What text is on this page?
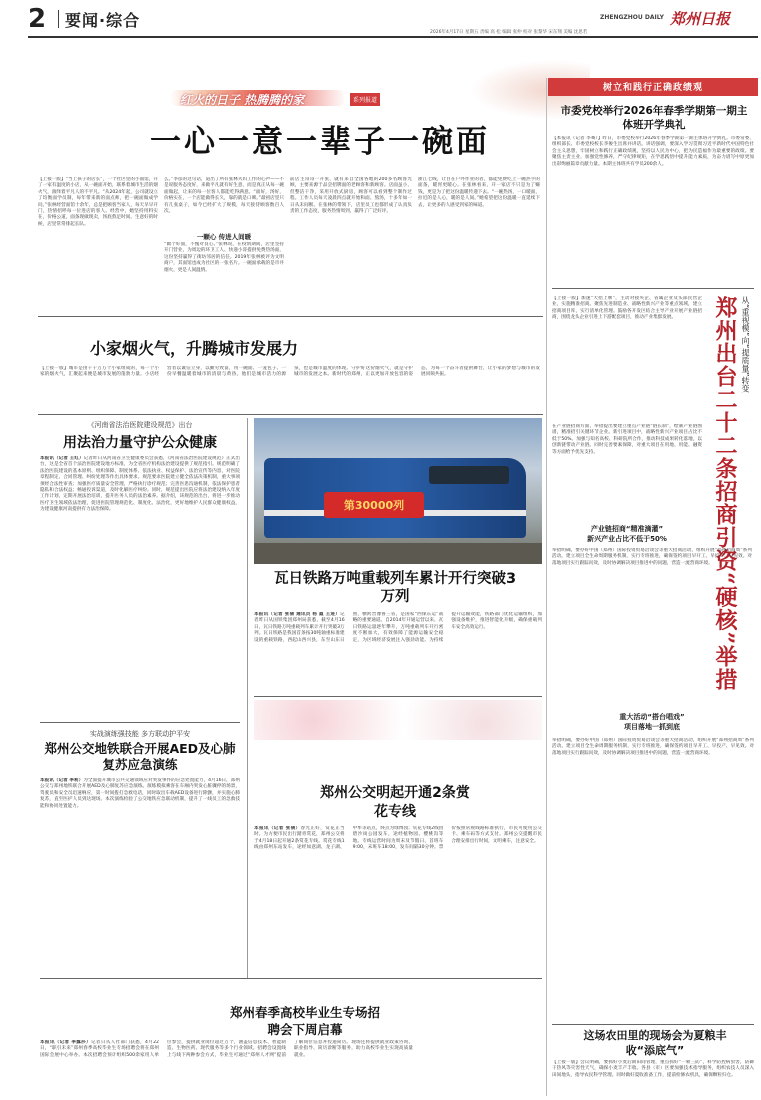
2 要闻·综合	ZHENGZHOU DAILY 郑州日报
2026年4月17日 星期五 责编 高 松 编辑 张仲 校对 张黎华 宋东翔 美编 沈思若
红火的日子 热腾腾的家	系列报道
一心一意一辈子一碗面
【上接一版】“当上孩子的店长”，一个社区里的小面馆，开了一家有温度的小店，从一碗面开始，联系着城市生活的烟火气，演绎着平凡人的不平凡。“从2024年起，公司就设立了均衡面学员制，每年带来新的面点师，把一碗面做成学问。”张林经营面馆十余年，总是把顾客当家人，每天早早开门，热情招呼每一位进店的客人。经营中，她坚持用料实在，价格公道，面条现做现卖，汤底熬足时间。生意好的时候，店里常常排起长队。
么。”李彦的这句话，道出了所有张林夫妇工作的心声——不是说服务态度好，来做平凡就有好生意，而是真正从每一碗面做起，让来的每一位客人都能吃得满意。“面好，汤好，价格实在，一个店能做得长久，靠的就是口碑。”最初店里只有几张桌子，如今已经扩大了规模，每天接待顾客数百人次。
一颗心 传进人间暖
“做个好面，不愧对良心。”张林说，在疫情期间，店里坚持开门营业，为周边的环卫工人、快递小哥提供免费热汤面，这份坚持赢得了街坊邻居的信任。2019年张林被评为文明商户，其面馆也成为社区的一张名片。一碗面承载的是市井烟火，更是人间温情。
前店主哥哥一开张，就有来自全国各地的200多名顾客光顾，主要来源于品尝招牌面的老顾客和新顾客。店面虽小，但整洁干净，采用开放式厨房，顾客可以看到整个制作过程。工作人员每天凌晨四点就开始和面、熬汤，十多年如一日从未间断。在张林的带领下，店里员工也都形成了认真负责的工作态度，服务热情周到，赢得了广泛好评。
浙江七线，让目在户外作业的者，都能免费吃上一碗热乎的面条，暖胃更暖心。在张林看来，开一家店不只是为了赚钱，更是为了把这份温暖传递下去。“一碗热汤，一口暖面，拉近的是人心，暖的是人间。”她希望把这份温暖一直延续下去，让更多的人感受到家的味道。
小家烟火气，升腾城市发展力
【上接一版】城市是由千千万万个小家组成的，每一个小家的烟火气，汇聚起来便是城市发展的蓬勃力量。小店经营者以诚信立身，以勤劳致富，用一碗面、一笼包子、一份早餐温暖着城市的清晨与黄昏。他们是城市活力的源泉，也是城市温度的体现。守护好这份烟火气，就是守护城市的发展之本。新时代的郑州，正以更加开放包容的姿态，为每一个奋斗者提供舞台，让小家的梦想与城市的发展同频共振。
《河南省法治医院建设规范》出台
用法治力量守护公众健康
本报讯（记者 王红）记者昨日从河南省卫生健康委员会获悉，《河南省法治医院建设规范》正式出台，这是全省首个法治医院建设地方标准，为全省医疗机构法治建设提供了规范指引。规范明确了法治医院建设的基本原则、组织保障、制度体系、依法执业、权益保护、法治宣传等内容，对医院章程制定、合同管理、纠纷处理等作出具体要求。规范要求医院建立健全依法决策机制，重大事项须经合法性审查；加强医疗质量安全管理，严格执行诊疗规范；完善医患沟通机制，依法保护患者隐私和合法权益；畅通投诉渠道，及时化解医疗纠纷。同时，规范提出医院应将法治建设纳入年度工作计划，定期开展法治培训，提升医务人员的法治素养。据介绍，该规范的出台，将进一步推动医疗卫生领域依法治理，促进医院管理规范化、制度化、法治化，更好地维护人民群众健康权益，为建设健康河南提供有力法治保障。
实战演练强技能 多方联动护平安
郑州公交地铁联合开展AED及心肺复苏应急演练
本报讯（记者 李莉）为全面提升城市公共交通领域应对突发事件的应急处置能力，4月16日，郑州公交与郑州地铁联合开展AED及心肺复苏应急演练。演练模拟乘客在车厢内突发心脏骤停的场景，驾驶员和安全员迅速响应，第一时间拨打急救电话，同时取出车载AED设备进行除颤，并实施心肺复苏，直至医护人员到达现场。本次演练检验了公交地铁应急联动机制，提升了一线员工的急救技能和协同处置能力。
第30000列
瓦日铁路万吨重载列车累计开行突破3万列
本报讯（记者 张倩 通讯员 杨 霞 王进）记者昨日从国铁集团郑州局获悉，截至4月16日，瓦日铁路万吨重载列车累计开行突破3万列。瓦日铁路是我国首条按30吨轴重标准建设的重载铁路，西起山西兴县，东至山东日照，横跨晋豫鲁三省，是国家“西煤东运”战略的重要通道。自2014年开通运营以来，瓦日铁路运量逐年攀升，万吨重载列车开行密度不断加大，有效保障了能源运输安全稳定，为区域经济发展注入强劲动能。为持续提升运输效能，铁路部门优化运输组织，加强设备维护，推进智能化升级，确保重载列车安全高效运行。
郑州公交明起开通2条赏花专线
本报讯（记者 张倩）春光正好，赏花正当时。为方便市民出行踏青赏花，郑州公交将于4月18日起开通2条赏花专线。赏花专线1线由郑州东站发车，途经如意湖、龙子湖、中牟等站点，终点为绿博园；赏花专线2线由碧沙岗公园发车，途经植物园、樱桃沟等地。专线运营时间为周末及节假日，首班车9:00，末班车18:00，发车间隔30分钟。票价按照常规线路标准执行，市民可使用公交卡、乘车码等方式支付。郑州公交提醒市民合理安排出行时间，文明乘车，注意安全。
郑州春季高校毕业生专场招聘会下周启幕
本报讯（记者 李露莎）记者日从人社部门获悉，4月22日，“职引未来”郑州春季高校毕业生专场招聘会将在郑州国际会展中心举办。本次招聘会预计组织500余家用人单位参会，提供就业岗位超过万个，涵盖信息技术、智能制造、生物医药、现代服务等多个行业领域。招聘会设置线上与线下两种参会方式，毕业生可通过“郑州人才网”提前了解岗位信息并投递简历。现场还将提供就业政策咨询、职业指导、简历诊断等服务，助力高校毕业生实现高质量就业。
树立和践行正确政绩观
市委党校举行2026年春季学期第一期主体班开学典礼
【本报讯（记者 李骞）】昨日，市委党校举行2026年春季学期第一期主体班开学典礼。市委常委、组织部长、市委党校校长李俊生出席并讲话。讲话强调，要深入学习贯彻习近平新时代中国特色社会主义思想，牢固树立和践行正确政绩观，坚持以人民为中心，把为民造福作为最重要的政绩。要聚焦主责主业，加强党性修养，严守纪律规矩，在学思践悟中提升能力素质，为奋力谱写中原更加出彩绚丽篇章贡献力量。本期主体班共有学员200余人。
从“重视模”向“提质量”转变
郑州出台二十二条招商引资“硬核”举措
【上接一版】加速“大招上牌”，主动对接央企、省属企业及头部民营企业，实施精准招商。聚焦先进制造业、战略性新兴产业等重点领域，建立招商项目库，实行清单化管理。鼓励各开发区结合主导产业开展产业链招商，围绕龙头企业引进上下游配套项目，推动产业集群发展。
产业链招商“精准滴灌”
新兴产业占比不低于50%
在产业链招商方面，举措提出要建立重点产业链“链长制”，绘制产业链图谱，精准招引关键环节企业。新引进项目中，战略性新兴产业项目占比不低于50%。加强与知名高校、科研院所合作，推动科技成果转化落地，以创新链带动产业链。同时完善要素保障，对重大项目在用地、用能、融资等方面给予优先支持。
举措明确，要办好中国（郑州）国际投资贸易洽谈会等重大招商活动，组织开展“郑州招商周”系列活动。建立项目全生命周期服务机制，实行专班推进，确保签约项目早开工、早投产、早见效。对落地项目实行跟踪问效，及时协调解决项目推进中的问题，营造一流营商环境。
重大活动“搭台唱戏”
项目落地一抓到底
举措明确，要办好中国（郑州）国际投资贸易洽谈会等重大招商活动，组织开展“郑州招商周”系列活动。建立项目全生命周期服务机制，实行专班推进，确保签约项目早开工、早投产、早见效。对落地项目实行跟踪问效，及时协调解决项目推进中的问题，营造一流营商环境。
这场农田里的现场会为夏粮丰收“添底气”
【上接一版】会议明确，要抓好小麦后期田间管理，重点抓好“一喷三防”，科学防控病虫害，防御干热风等灾害性天气，确保小麦丰产丰收。各县（市）区要加强技术指导服务，组织农技人员深入田间地头，指导农民科学管理。同时做好夏收准备工作，提前检修农机具，确保颗粒归仓。
